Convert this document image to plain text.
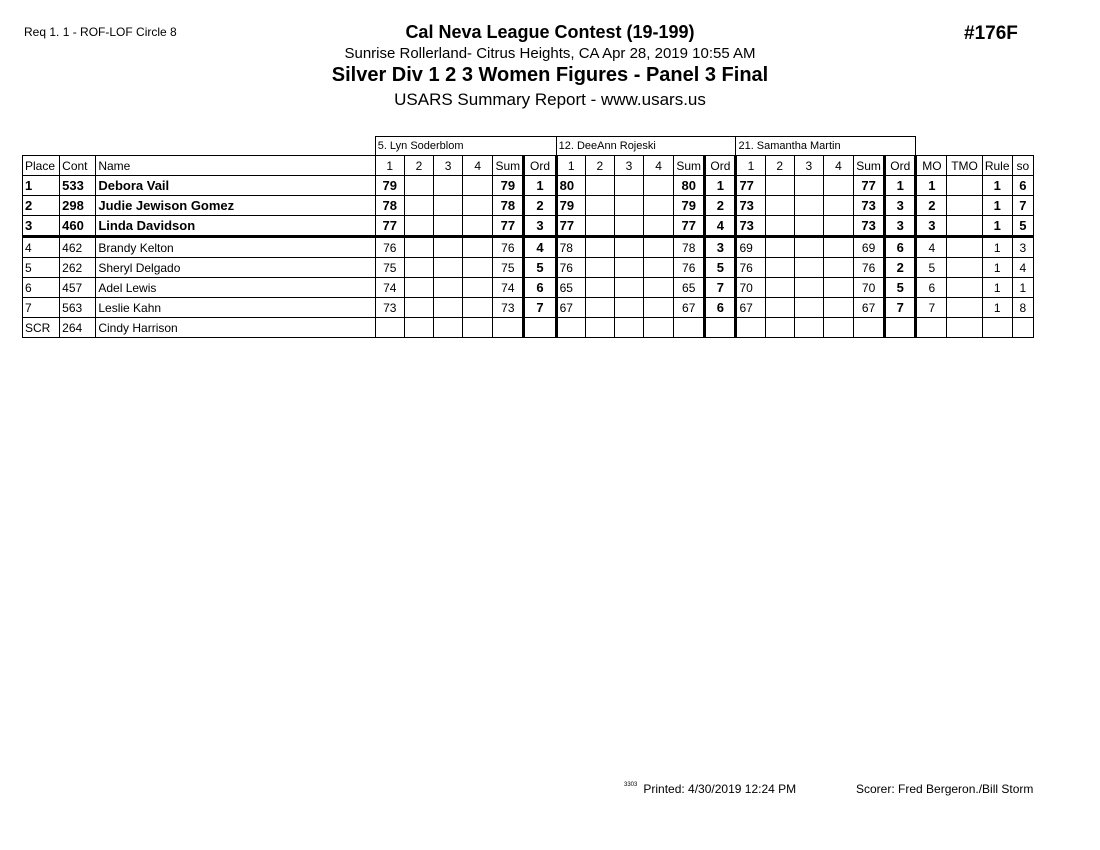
Req 1. 1 - ROF-LOF Circle 8	Cal Neva League Contest (19-199)
Sunrise Rollerland- Citrus Heights, CA Apr 28, 2019 10:55 AM
Silver Div 1 2 3 Women Figures - Panel 3 Final
USARS Summary Report - www.usars.us
#176F
			5. Lyn Soderblom						12. DeeAnn Rojeski						21. Samantha Martin									
Place	Cont	Name	1	2	3	4	Sum	Ord	1	2	3	4	Sum	Ord	1	2	3	4	Sum	Ord	MO	TMO	Rule	so
1	533	Debora Vail	79				79	1	80				80	1	77				77	1	1		1	6
2	298	Judie Jewison Gomez	78				78	2	79				79	2	73				73	3	2		1	7
3	460	Linda Davidson	77				77	3	77				77	4	73				73	3	3		1	5
4	462	Brandy Kelton	76				76	4	78				78	3	69				69	6	4		1	3
5	262	Sheryl Delgado	75				75	5	76				76	5	76				76	2	5		1	4
6	457	Adel Lewis	74				74	6	65				65	7	70				70	5	6		1	1
7	563	Leslie Kahn	73				73	7	67				67	6	67				67	7	7		1	8
SCR	264	Cindy Harrison																						
$^{3303}$ Printed: 4/30/2019 12:24 PM	Scorer: Fred Bergeron./Bill Storm
